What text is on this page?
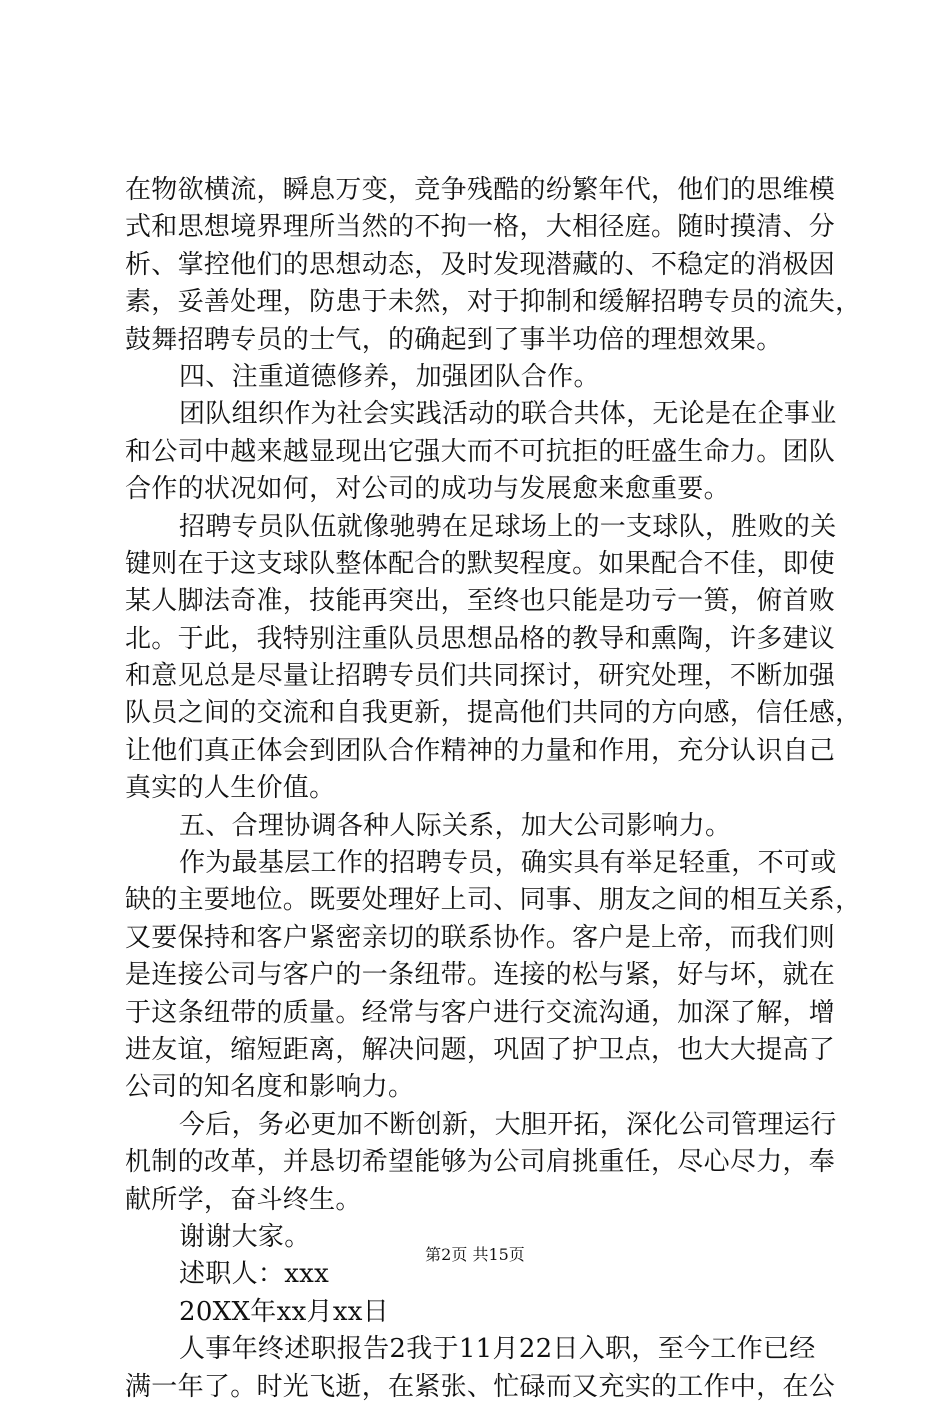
在物欲横流，瞬息万变，竞争残酷的纷繁年代，他们的思维模
式和思想境界理所当然的不拘一格，大相径庭。随时摸清、分
析、掌控他们的思想动态，及时发现潜藏的、不稳定的消极因
素，妥善处理，防患于未然，对于抑制和缓解招聘专员的流失，
鼓舞招聘专员的士气，的确起到了事半功倍的理想效果。
四、注重道德修养，加强团队合作。
团队组织作为社会实践活动的联合共体，无论是在企事业
和公司中越来越显现出它强大而不可抗拒的旺盛生命力。团队
合作的状况如何，对公司的成功与发展愈来愈重要。
招聘专员队伍就像驰骋在足球场上的一支球队，胜败的关
键则在于这支球队整体配合的默契程度。如果配合不佳，即使
某人脚法奇准，技能再突出，至终也只能是功亏一篑，俯首败
北。于此，我特别注重队员思想品格的教导和熏陶，许多建议
和意见总是尽量让招聘专员们共同探讨，研究处理，不断加强
队员之间的交流和自我更新，提高他们共同的方向感，信任感，
让他们真正体会到团队合作精神的力量和作用，充分认识自己
真实的人生价值。
五、合理协调各种人际关系，加大公司影响力。
作为最基层工作的招聘专员，确实具有举足轻重，不可或
缺的主要地位。既要处理好上司、同事、朋友之间的相互关系，
又要保持和客户紧密亲切的联系协作。客户是上帝，而我们则
是连接公司与客户的一条纽带。连接的松与紧，好与坏，就在
于这条纽带的质量。经常与客户进行交流沟通，加深了解，增
进友谊，缩短距离，解决问题，巩固了护卫点，也大大提高了
公司的知名度和影响力。
今后，务必更加不断创新，大胆开拓，深化公司管理运行
机制的改革，并恳切希望能够为公司肩挑重任，尽心尽力，奉
献所学，奋斗终生。
谢谢大家。
述职人：xxx
20XX年xx月xx日
人事年终述职报告2我于11月22日入职，至今工作已经
满一年了。时光飞逝，在紧张、忙碌而又充实的工作中，在公
第2页 共15页
